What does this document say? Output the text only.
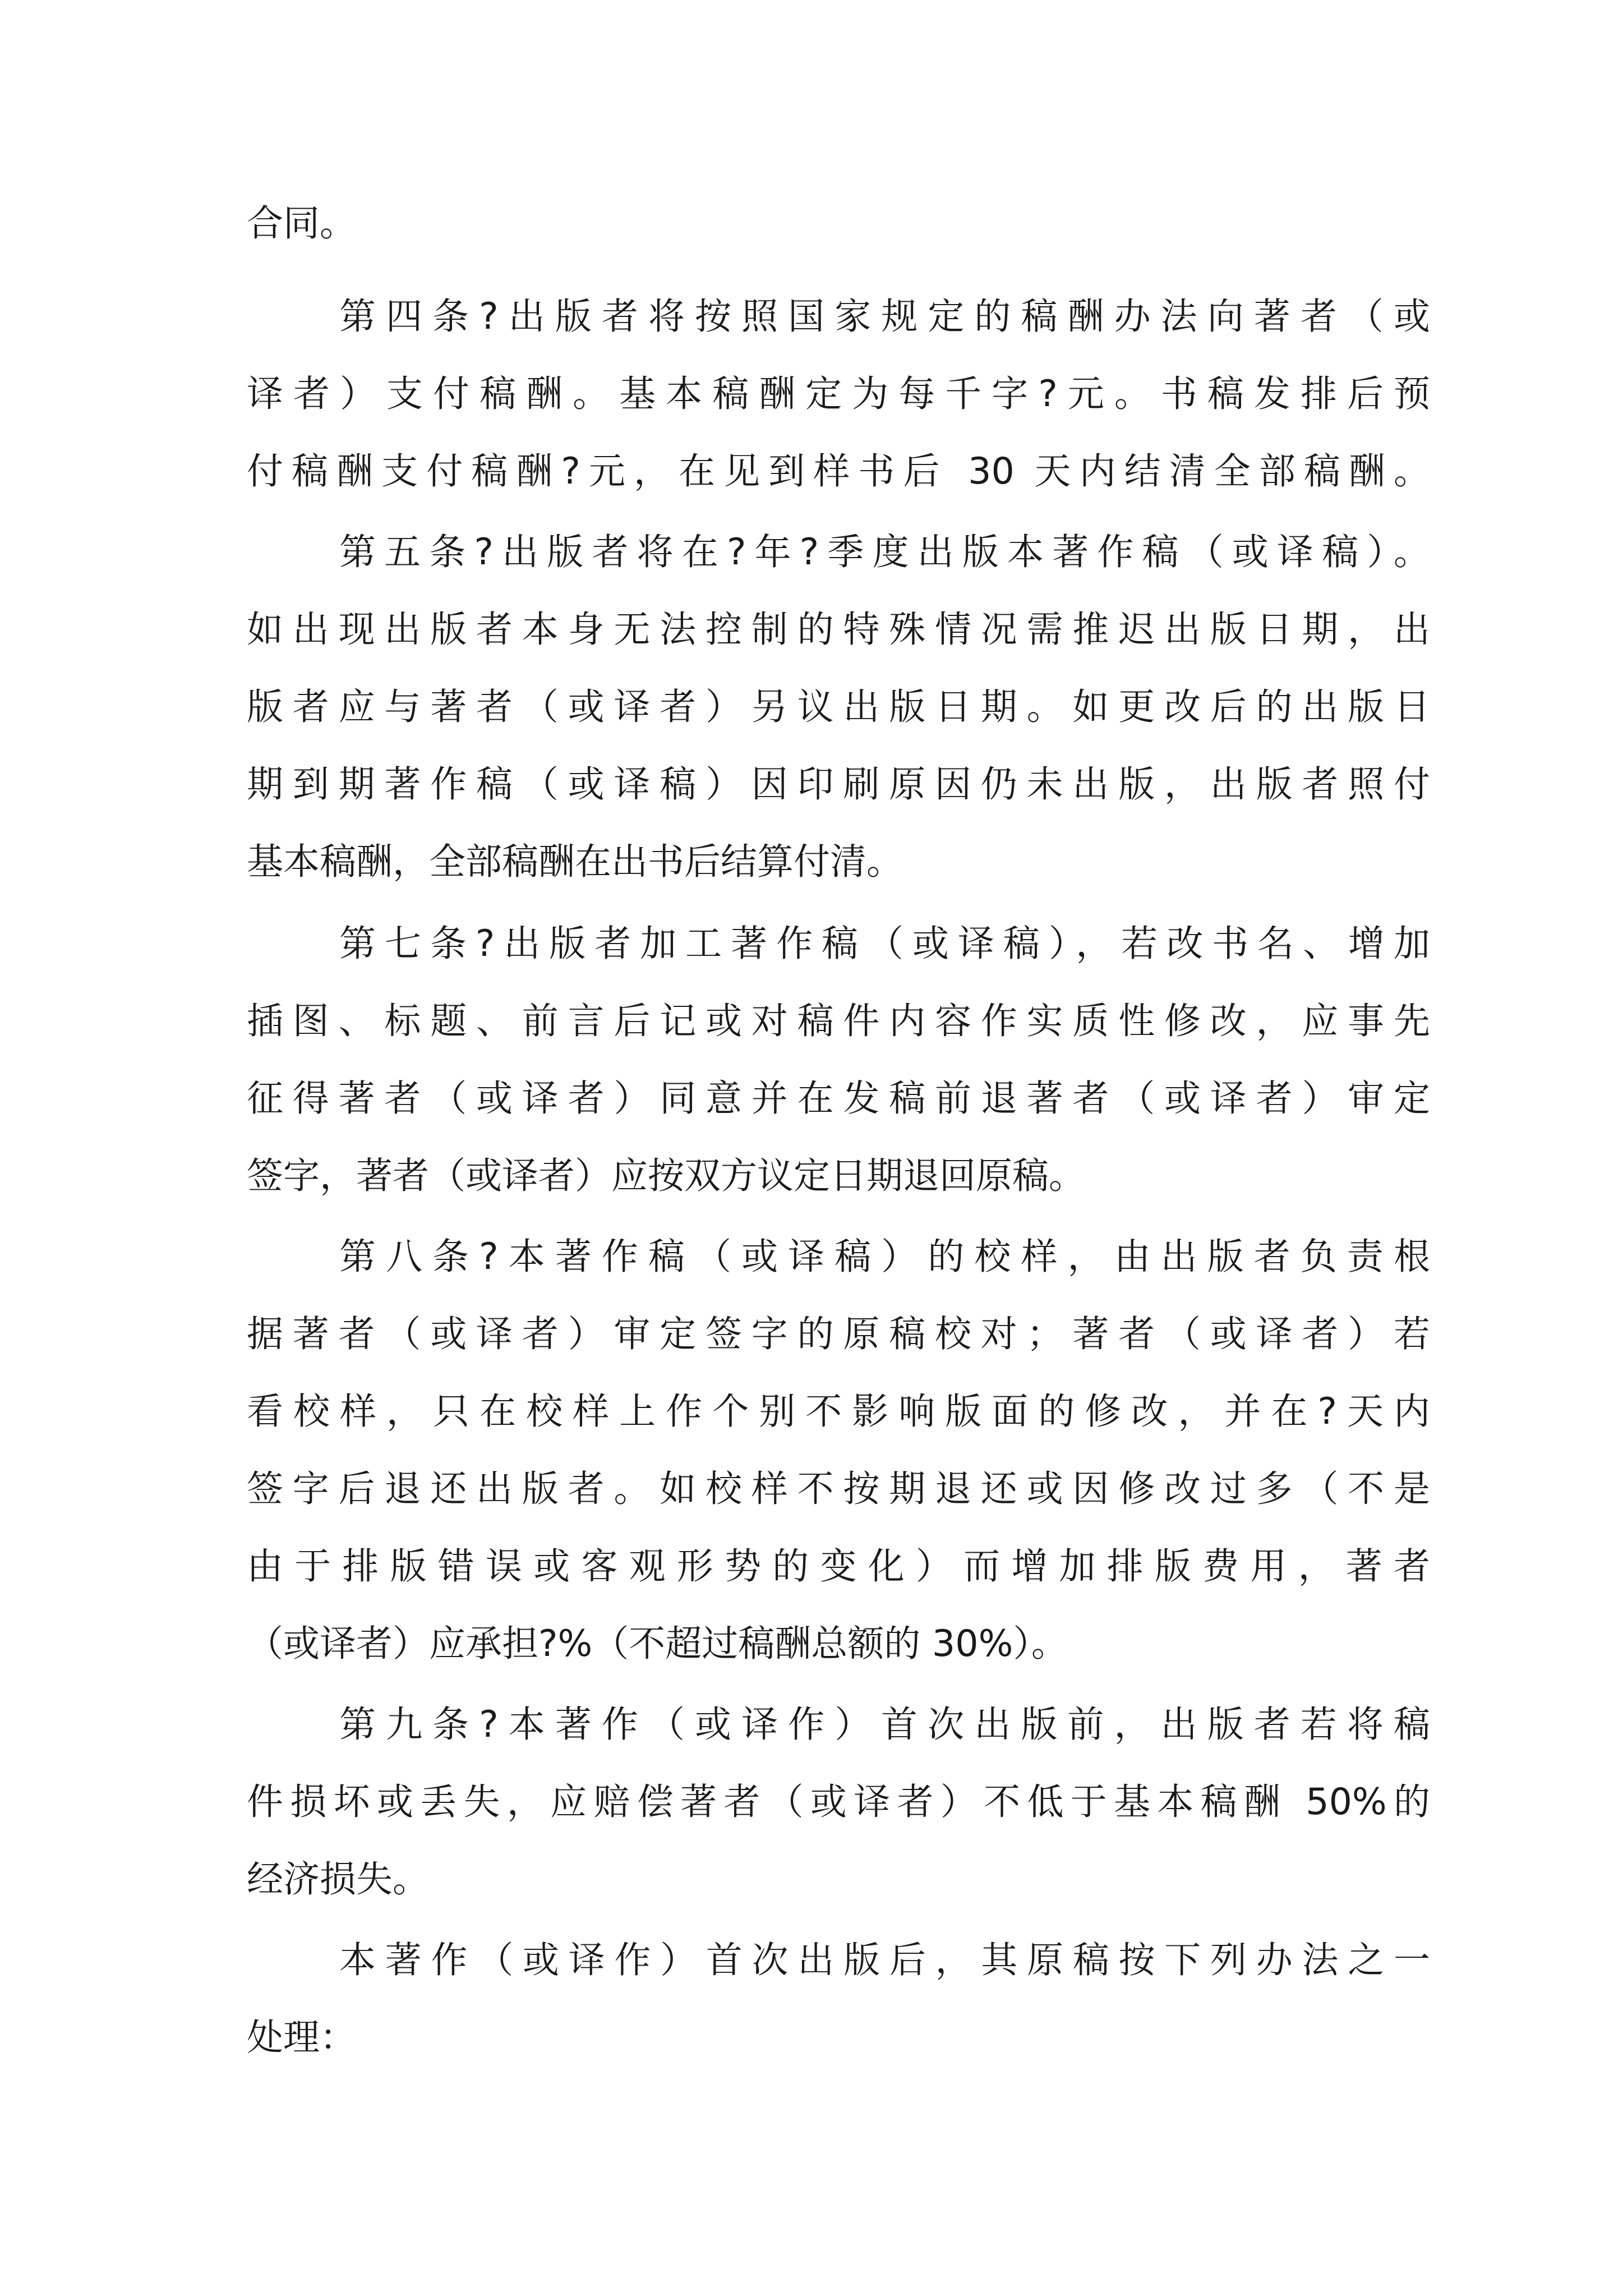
合同。
第四条?出版者将按照国家规定的稿酬办法向著者（或
译者）支付稿酬。基本稿酬定为每千字?元。书稿发排后预
付稿酬支付稿酬?元，在见到样书后 30 天内结清全部稿酬。
第五条?出版者将在?年?季度出版本著作稿（或译稿）。
如出现出版者本身无法控制的特殊情况需推迟出版日期，出
版者应与著者（或译者）另议出版日期。如更改后的出版日
期到期著作稿（或译稿）因印刷原因仍未出版，出版者照付
基本稿酬，全部稿酬在出书后结算付清。
第七条?出版者加工著作稿（或译稿），若改书名、增加
插图、标题、前言后记或对稿件内容作实质性修改，应事先
征得著者（或译者）同意并在发稿前退著者（或译者）审定
签字，著者（或译者）应按双方议定日期退回原稿。
第八条?本著作稿（或译稿）的校样，由出版者负责根
据著者（或译者）审定签字的原稿校对；著者（或译者）若
看校样，只在校样上作个别不影响版面的修改，并在?天内
签字后退还出版者。如校样不按期退还或因修改过多（不是
由于排版错误或客观形势的变化）而增加排版费用，著者
（或译者）应承担?%（不超过稿酬总额的 30%）。
第九条?本著作（或译作）首次出版前，出版者若将稿
件损坏或丢失，应赔偿著者（或译者）不低于基本稿酬 50%的
经济损失。
本著作（或译作）首次出版后，其原稿按下列办法之一
处理：
